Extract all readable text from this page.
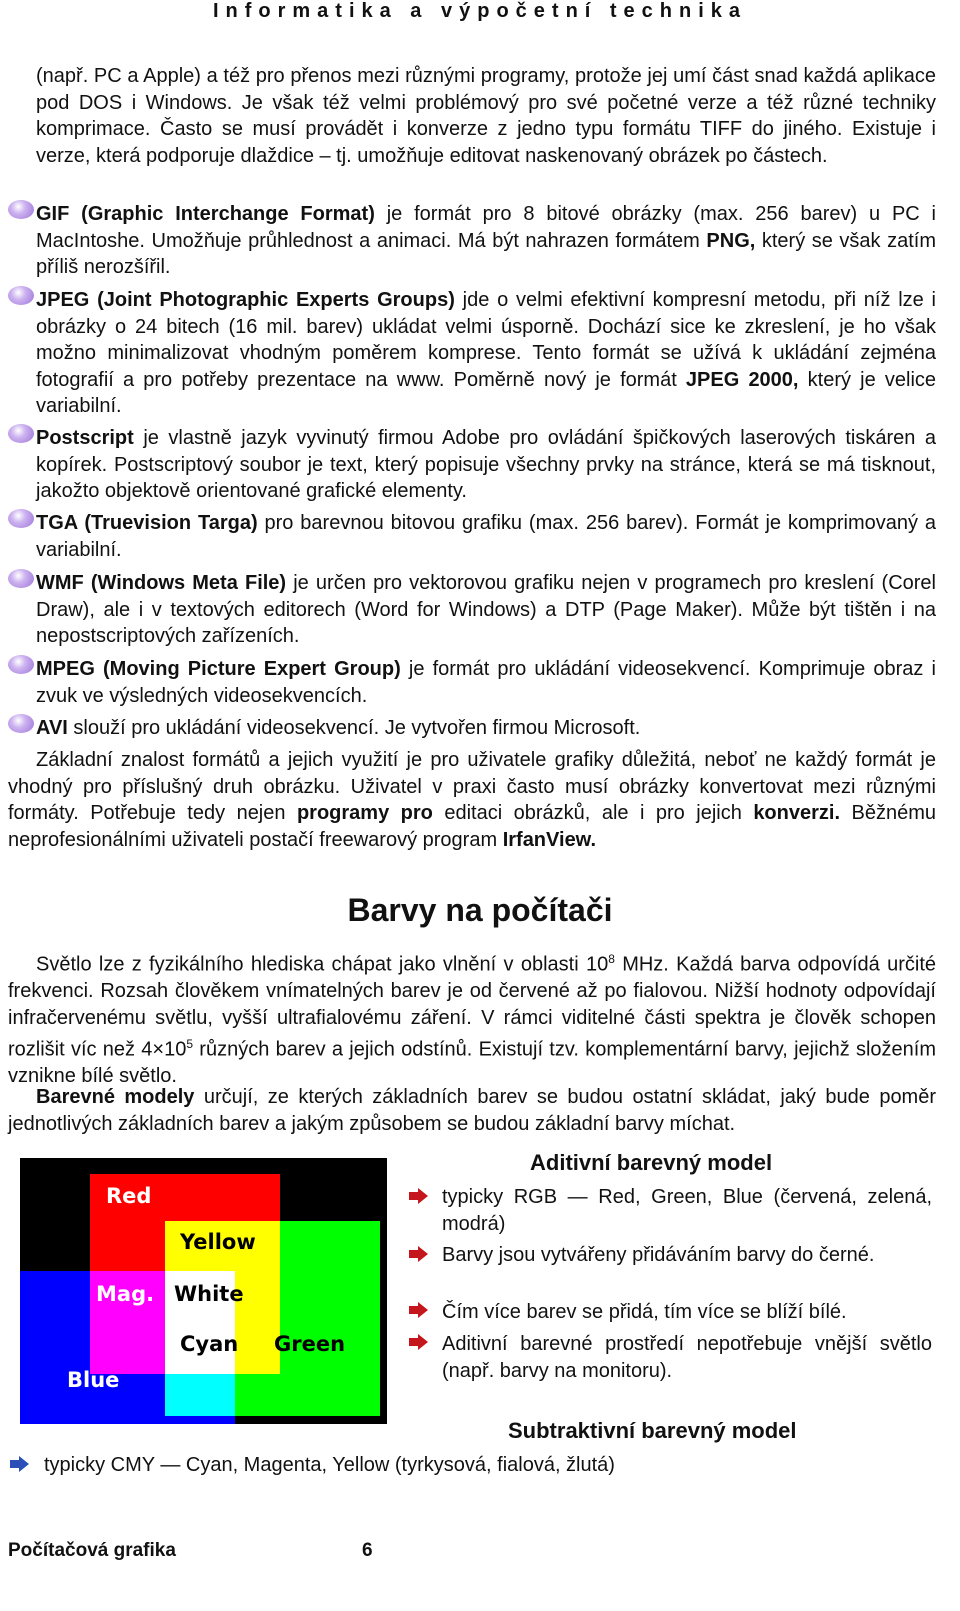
Informatika a výpočetní technika

(např. PC a Apple) a též pro přenos mezi různými programy, protože jej umí část snad každá aplikace pod DOS i Windows. Je však též velmi problémový pro své početné verze a též různé techniky komprimace. Často se musí provádět i konverze z jedno typu formátu TIFF do jiného. Existuje i verze, která podporuje dlaždice – tj. umožňuje editovat naskenovaný obrázek po částech.

GIF (Graphic Interchange Format) je formát pro 8 bitové obrázky (max. 256 barev) u PC i MacIntoshe. Umožňuje průhlednost a animaci. Má být nahrazen formátem PNG, který se však zatím příliš nerozšířil.

JPEG (Joint Photographic Experts Groups) jde o velmi efektivní kompresní metodu, při níž lze i obrázky o 24 bitech (16 mil. barev) ukládat velmi úsporně. Dochází sice ke zkreslení, je ho však možno minimalizovat vhodným poměrem komprese. Tento formát se užívá k ukládání zejména fotografií a pro potřeby prezentace na www. Poměrně nový je formát JPEG 2000, který je velice variabilní.

Postscript je vlastně jazyk vyvinutý firmou Adobe pro ovládání špičkových laserových tiskáren a kopírek. Postscriptový soubor je text, který popisuje všechny prvky na stránce, která se má tisknout, jakožto objektově orientované grafické elementy.

TGA (Truevision Targa) pro barevnou bitovou grafiku (max. 256 barev). Formát je komprimovaný a variabilní.

WMF (Windows Meta File) je určen pro vektorovou grafiku nejen v programech pro kreslení (Corel Draw), ale i v textových editorech (Word for Windows) a DTP (Page Maker). Může být tištěn i na nepostscriptových zařízeních.

MPEG (Moving Picture Expert Group) je formát pro ukládání videosekvencí. Komprimuje obraz i zvuk ve výsledných videosekvencích.

AVI slouží pro ukládání videosekvencí. Je vytvořen firmou Microsoft.

Základní znalost formátů a jejich využití je pro uživatele grafiky důležitá, neboť ne každý formát je vhodný pro příslušný druh obrázku. Uživatel v praxi často musí obrázky konvertovat mezi různými formáty. Potřebuje tedy nejen programy pro editaci obrázků, ale i pro jejich konverzi. Běžnému neprofesionálními uživateli postačí freewarový program IrfanView.

Barvy na počítači

Světlo lze z fyzikálního hlediska chápat jako vlnění v oblasti $10^8$ MHz. Každá barva odpovídá určité frekvenci. Rozsah člověkem vnímatelných barev je od červené až po fialovou. Nižší hodnoty odpovídají infračervenému světlu, vyšší ultrafialovému záření. V rámci viditelné části spektra je člověk schopen rozlišit víc než $4\times 10^5$ různých barev a jejich odstínů. Existují tzv. komplementární barvy, jejichž složením vznikne bílé světlo.

Barevné modely určují, ze kterých základních barev se budou ostatní skládat, jaký bude poměr jednotlivých základních barev a jakým způsobem se budou základní barvy míchat.

Red
Yellow
Mag. White
Cyan Green
Blue
Aditivní barevný model
typicky RGB — Red, Green, Blue (červená, zelená, modrá)
Barvy jsou vytvářeny přidáváním barvy do černé.
Čím více barev se přidá, tím více se blíží bílé.
Aditivní barevné prostředí nepotřebuje vnější světlo (např. barvy na monitoru).
Subtraktivní barevný model
typicky CMY — Cyan, Magenta, Yellow (tyrkysová, fialová, žlutá)
Počítačová grafika	6
